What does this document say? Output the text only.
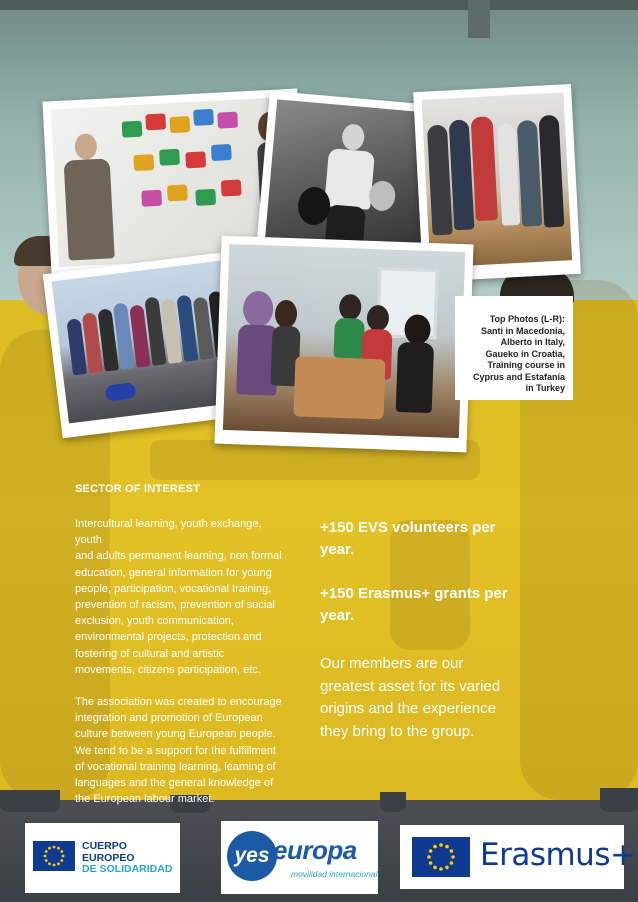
Top Photos (L-R):
Santi in Macedonia,
Alberto in Italy,
Gaueko in Croatia,
Training course in
Cyprus and Estafanía
in Turkey
SECTOR OF INTEREST

Intercultural learning, youth exchange,
youth
and adults permanent learning, non formal
education, general information for young
people, participation, vocational training,
prevention of racism, prevention of social
exclusion, youth communication,
environmental projects, protection and
fostering of cultural and artistic
movements, citizens participation, etc.

The association was created to encourage
integration and promotion of European
culture between young European people.
We tend to be a support for the fulfillment
of vocational training learning, learning of
languages and the general knowledge of
the European labour market.

+150 EVS volunteers per
year.
+150 Erasmus+ grants per
year.
Our members are our
greatest asset for its varied
origins and the experience
they bring to the group.
CUERPO
EUROPEO
DE SOLIDARIDAD
yes europa
movilidad internacional
Erasmus+
